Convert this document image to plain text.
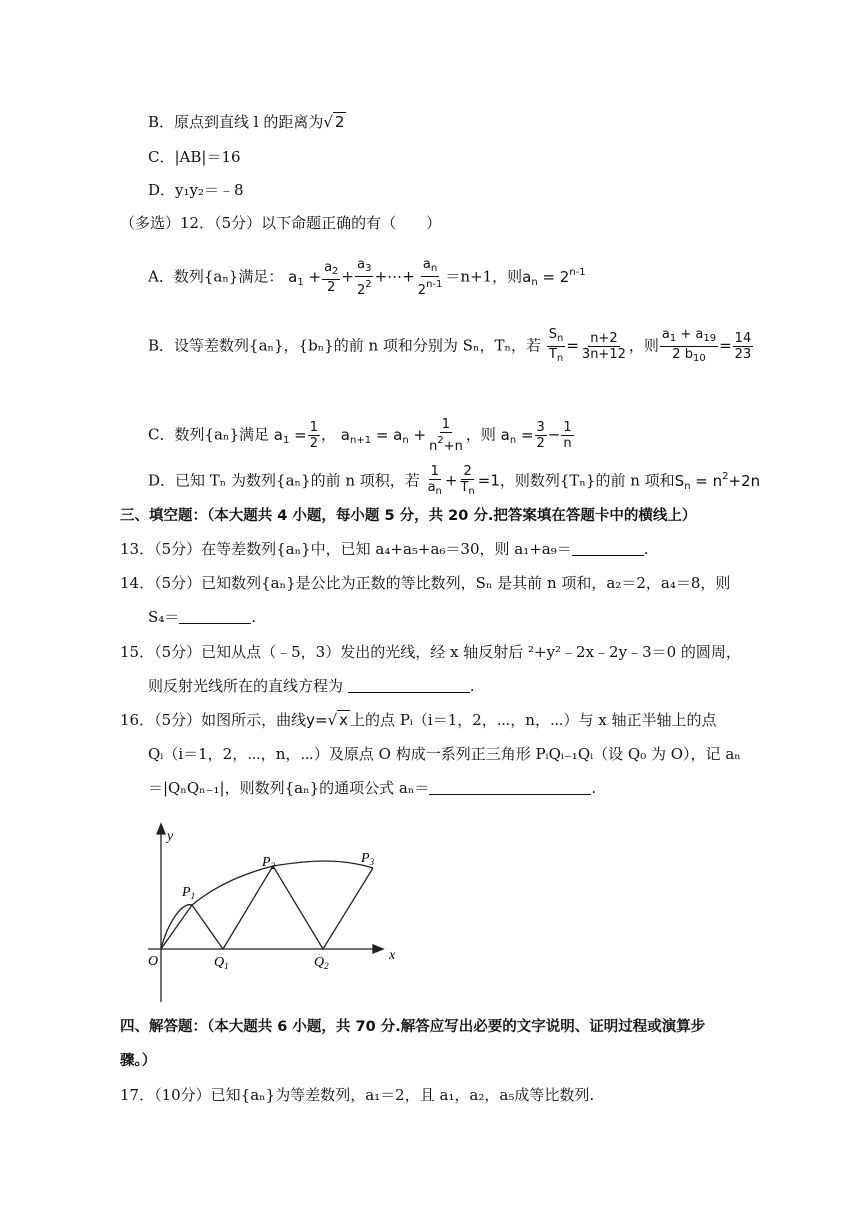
B．原点到直线 l 的距离为√ 2
C．|AB|＝16
D．y₁y₂＝﹣8
（多选）12．（5分）以下命题正确的有（　　）
A．数列{aₙ}满足： $a_1 + \frac{a_2}{2} + \frac{a_3}{2^2}$ +⋯+ $\frac{a_n}{2^{n-1}} =n+1$，则$a_n = 2^{n-1}$
B．设等差数列{aₙ}，{bₙ}的前 n 项和分别为 Sₙ，Tₙ，若 $\frac{S_n}{T_n} = \frac{n+2}{3n+12}$ ，则 $\frac{a_1 + a_{19}}{2 b_{10}} = \frac{14}{23}$
C．数列{aₙ}满足 $a_1 = \frac{1}{2}$ ， $a_{n+1} = a_n + \frac{1}{n^2+n}$ ，则 $a_n = \frac{3}{2} - \frac{1}{n}$
D．已知 Tₙ 为数列{aₙ}的前 n 项积，若 $\frac{1}{a_n} + \frac{2}{T_n} =1$，则数列{Tₙ}的前 n 项和$S_n = n^2+2n$
三、填空题：（本大题共 4 小题，每小题 5 分，共 20 分.把答案填在答题卡中的横线上）
13．（5分）在等差数列{aₙ}中，已知 a₄+a₅+a₆＝30，则 a₁+a₉＝	.
14．（5分）已知数列{aₙ}是公比为正数的等比数列，Sₙ 是其前 n 项和，a₂＝2，a₄＝8，则
S₄＝	.
15．（5分）已知从点（﹣5，3）发出的光线，经 x 轴反射后 ²+y²﹣2x﹣2y﹣3＝0 的圆周，
则反射光线所在的直线方程为	.
16．（5分）如图所示，曲线y=√ x 上的点 Pᵢ（i＝1，2，⋯，n，⋯）与 x 轴正半轴上的点
Qᵢ（i＝1，2，⋯，n，⋯）及原点 O 构成一系列正三角形 PᵢQᵢ₋₁Qᵢ（设 Q₀ 为 O），记 aₙ
＝|QₙQₙ₋₁|，则数列{aₙ}的通项公式 aₙ＝	.
y
x
O
$P_1$
$P_2$	$P_3$
$Q_1$	$Q_2$
四、解答题：（本大题共 6 小题，共 70 分.解答应写出必要的文字说明、证明过程或演算步
骤。）
17．（10分）已知{aₙ}为等差数列，a₁＝2，且 a₁，a₂，a₅成等比数列.
